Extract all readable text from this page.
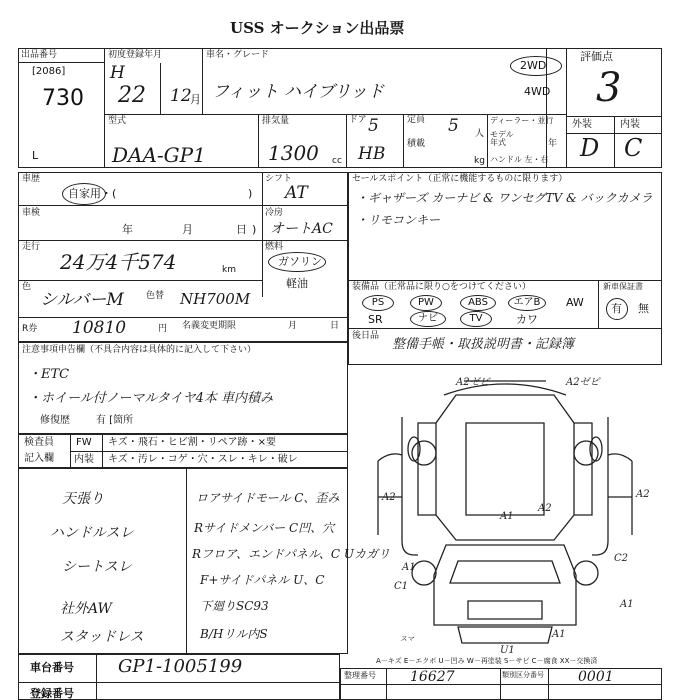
USS オークション出品票
出品番号
[2086]
730
初度登録年月
H
22 12
月
車名・グレード
フィット ハイブリッド
2WD
4WD
評価点
3
外装	内装
D C
型式
DAA-GP1
L
排気量
1300 cc
ドア 5
HB
定員 5 人
積載
kg
ディーラー・並行
モデル年式	年
ハンドル 左・右
車歴
自家用・(	)
車検
年	月	日 )
シフト
AT
冷房
オートAC
燃料
ガソリン
軽油
走行
24万4千574	km
色
シルバーM 色替 NH700M
R券 10810	円 名義変更期限	月	日
セールスポイント（正常に機能するものに限ります）
・ギャザーズ カーナビ & ワンセグTV & バックカメラ
・リモコンキー
装備品（正常品に限り○をつけてください）
PS	PW	ABS	エアB	AW
SR	ナビ	TV	カワ
新車保証書
有 無
後日品
整備手帳・取扱説明書・記録簿
注意事項申告欄（不具合内容は具体的に記入して下さい）
・ETC
・ホイール付ノーマルタイヤ4本 車内積み
修復歴	有 [箇所
検査員
記入欄
FW キズ・飛石・ヒビ割・リペア跡・×要
内装 キズ・汚レ・コゲ・穴・スレ・キレ・破レ
天張り
ハンドルスレ
シートスレ
社外AW
スタッドレス
ロアサイドモール C、歪み
Rサイドメンバー C凹、穴
Rフロア、エンドパネル、C Uカガリ
F+サイドパネル U、C
下廻りSC93
B/Hリル内S
A2ゼビ	A2ゼビ
A2	A2
A1
A2
A1
C2
C1
A1
スマ
U1
A1
A－キズ E－エクボ U－凹み W－再塗装 S－サビ C－腐食 XX－交換済
車台番号 GP1-1005199
登録番号
整理番号 16627	類別区分番号 0001
